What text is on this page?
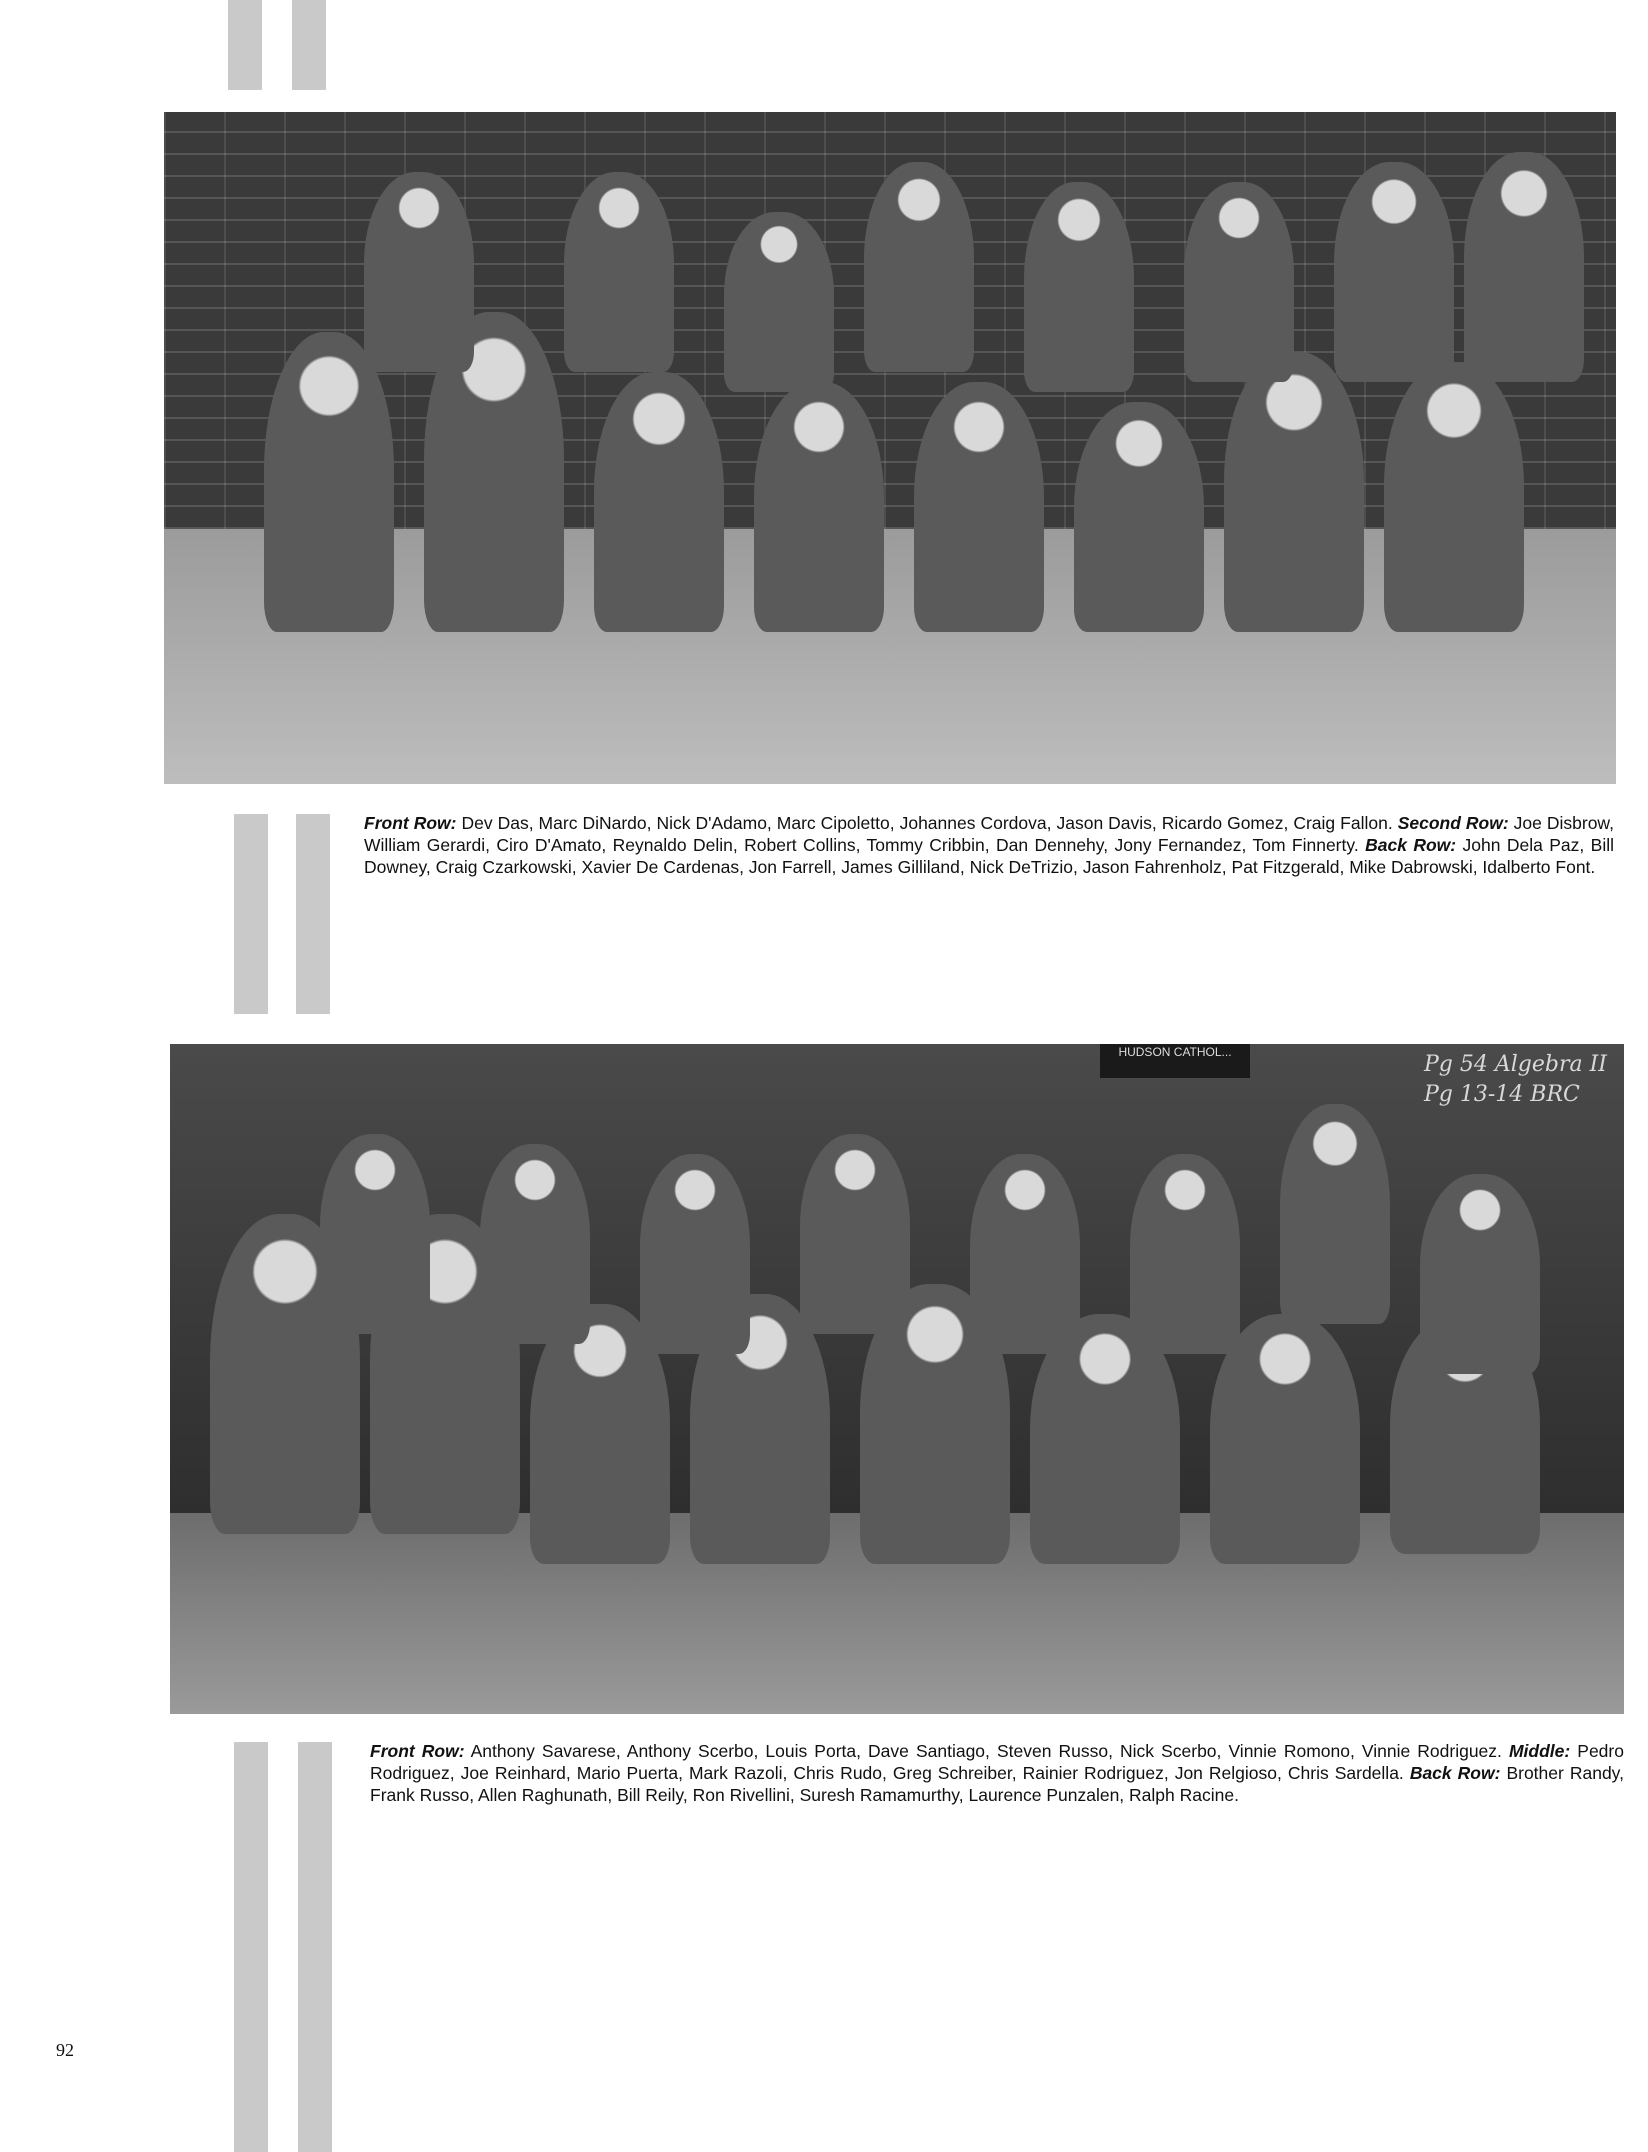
Front Row: Dev Das, Marc DiNardo, Nick D'Adamo, Marc Cipoletto, Johannes Cordova, Jason Davis, Ricardo Gomez, Craig Fallon. Second Row: Joe Disbrow, William Gerardi, Ciro D'Amato, Reynaldo Delin, Robert Collins, Tommy Cribbin, Dan Dennehy, Jony Fernandez, Tom Finnerty. Back Row: John Dela Paz, Bill Downey, Craig Czarkowski, Xavier De Cardenas, Jon Farrell, James Gilliland, Nick DeTrizio, Jason Fahrenholz, Pat Fitzgerald, Mike Dabrowski, Idalberto Font.
HUDSON CATHOL...	Pg 54 Algebra II Pg 13-14 BRC
Front Row: Anthony Savarese, Anthony Scerbo, Louis Porta, Dave Santiago, Steven Russo, Nick Scerbo, Vinnie Romono, Vinnie Rodriguez. Middle: Pedro Rodriguez, Joe Reinhard, Mario Puerta, Mark Razoli, Chris Rudo, Greg Schreiber, Rainier Rodriguez, Jon Relgioso, Chris Sardella. Back Row: Brother Randy, Frank Russo, Allen Raghunath, Bill Reily, Ron Rivellini, Suresh Ramamurthy, Laurence Punzalen, Ralph Racine.
92
